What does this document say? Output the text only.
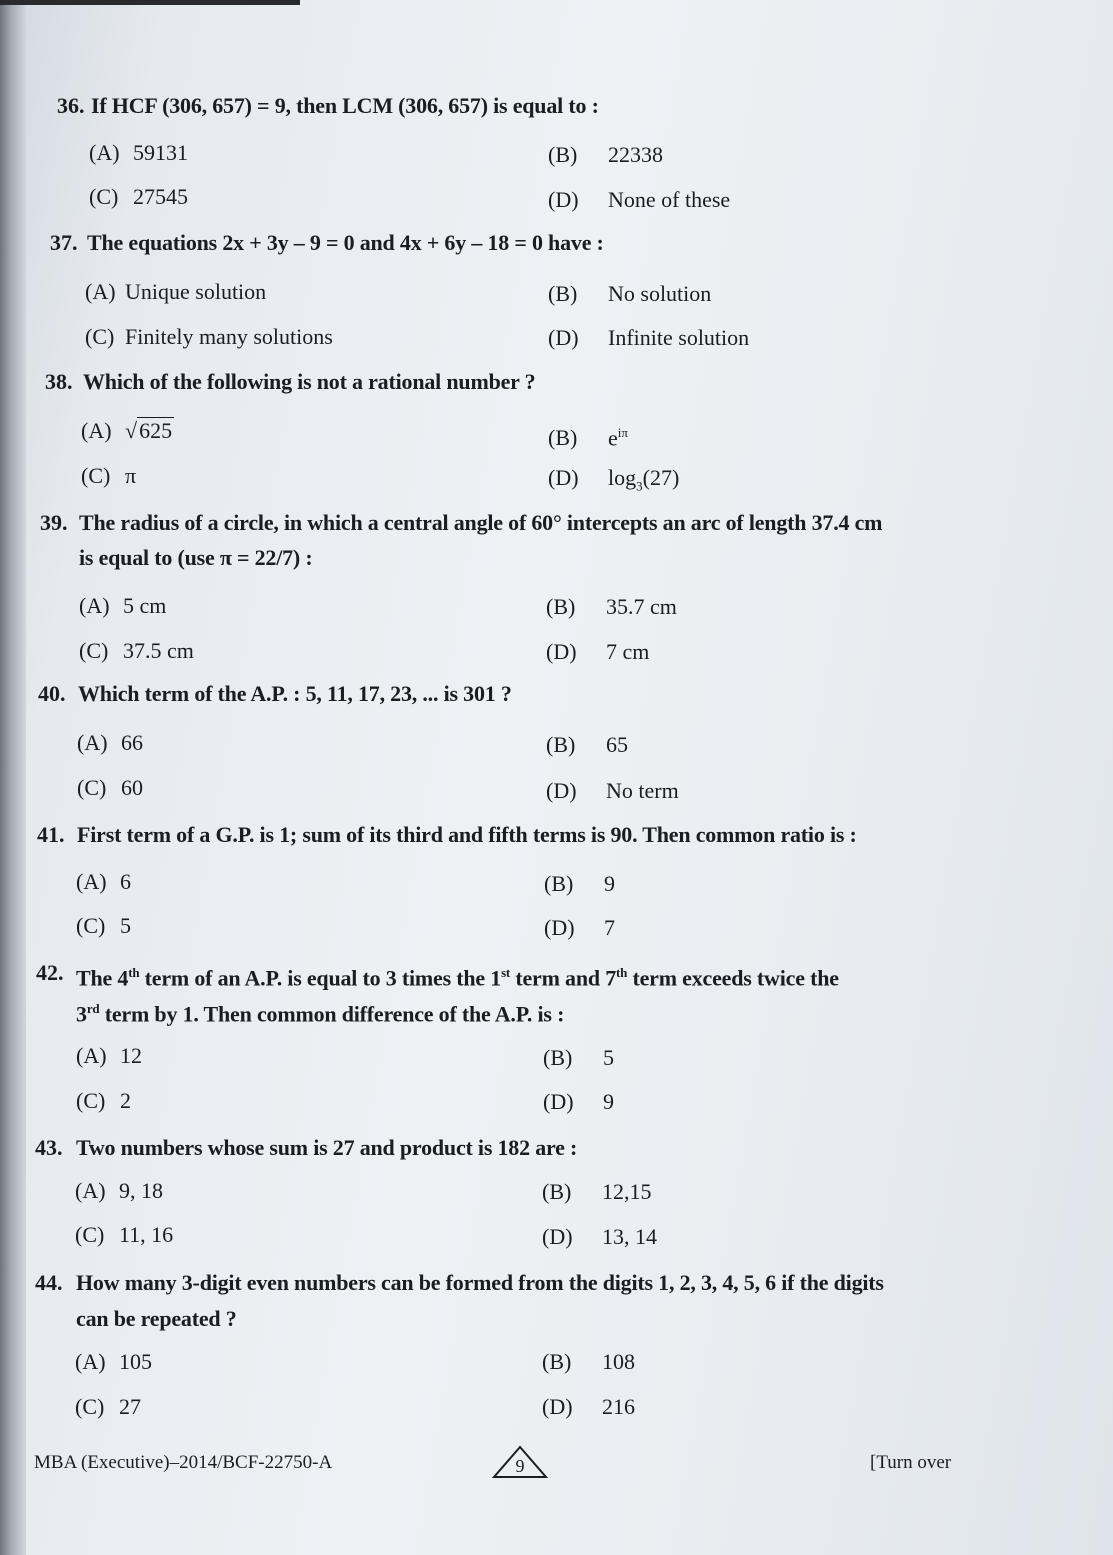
36. If HCF (306, 657) = 9, then LCM (306, 657) is equal to :
(A) 59131	(B) 22338
(C) 27545	(D) None of these
37. The equations 2x + 3y – 9 = 0 and 4x + 6y – 18 = 0 have :
(A) Unique solution	(B) No solution
(C) Finitely many solutions	(D) Infinite solution
38. Which of the following is not a rational number ?
(A) √625	(B) $e^{i\pi}$
(C) π	(D) $\log_3(27)$
39. The radius of a circle, in which a central angle of 60° intercepts an arc of length 37.4 cm
is equal to (use π = 22/7) :
(A) 5 cm	(B) 35.7 cm
(C) 37.5 cm	(D) 7 cm
40. Which term of the A.P. : 5, 11, 17, 23, ... is 301 ?
(A) 66	(B) 65
(C) 60	(D) No term
41. First term of a G.P. is 1; sum of its third and fifth terms is 90. Then common ratio is :
(A) 6	(B) 9
(C) 5	(D) 7
42. The 4th term of an A.P. is equal to 3 times the 1st term and 7th term exceeds twice the
3rd term by 1. Then common difference of the A.P. is :
(A) 12	(B) 5
(C) 2	(D) 9
43. Two numbers whose sum is 27 and product is 182 are :
(A) 9, 18	(B) 12,15
(C) 11, 16	(D) 13, 14
44. How many 3-digit even numbers can be formed from the digits 1, 2, 3, 4, 5, 6 if the digits
can be repeated ?
(A) 105	(B) 108
(C) 27	(D) 216
MBA (Executive)–2014/BCF-22750-A	9	[Turn over
